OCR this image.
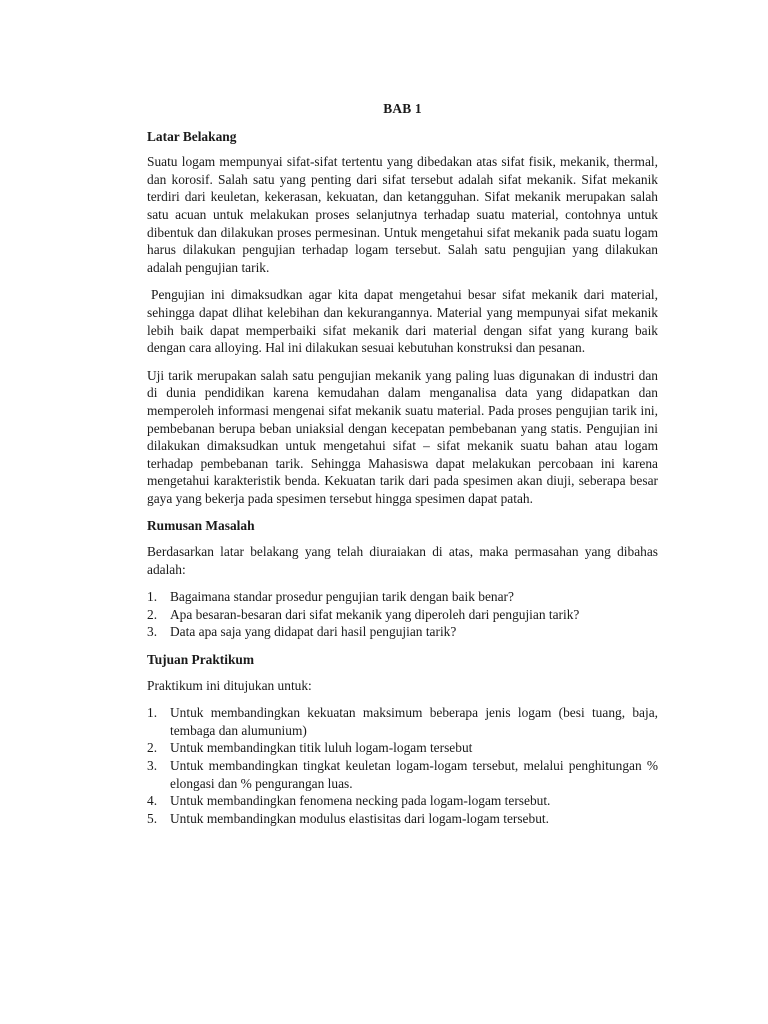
BAB 1
Latar Belakang

Suatu logam mempunyai sifat-sifat tertentu yang dibedakan atas sifat fisik, mekanik, thermal, dan korosif. Salah satu yang penting dari sifat tersebut adalah sifat mekanik. Sifat mekanik terdiri dari keuletan, kekerasan, kekuatan, dan ketangguhan. Sifat mekanik merupakan salah satu acuan untuk melakukan proses selanjutnya terhadap suatu material, contohnya untuk dibentuk dan dilakukan proses permesinan. Untuk mengetahui sifat mekanik pada suatu logam harus dilakukan pengujian terhadap logam tersebut. Salah satu pengujian yang dilakukan adalah pengujian tarik.

Pengujian ini dimaksudkan agar kita dapat mengetahui besar sifat mekanik dari material, sehingga dapat dlihat kelebihan dan kekurangannya. Material yang mempunyai sifat mekanik lebih baik dapat memperbaiki sifat mekanik dari material dengan sifat yang kurang baik dengan cara alloying. Hal ini dilakukan sesuai kebutuhan konstruksi dan pesanan.

Uji tarik merupakan salah satu pengujian mekanik yang paling luas digunakan di industri dan di dunia pendidikan karena kemudahan dalam menganalisa data yang didapatkan dan memperoleh informasi mengenai sifat mekanik suatu material. Pada proses pengujian tarik ini, pembebanan berupa beban uniaksial dengan kecepatan pembebanan yang statis. Pengujian ini dilakukan dimaksudkan untuk mengetahui sifat – sifat mekanik suatu bahan atau logam terhadap pembebanan tarik. Sehingga Mahasiswa dapat melakukan percobaan ini karena mengetahui karakteristik benda. Kekuatan tarik dari pada spesimen akan diuji, seberapa besar gaya yang bekerja pada spesimen tersebut hingga spesimen dapat patah.

Rumusan Masalah

Berdasarkan latar belakang yang telah diuraiakan di atas, maka permasahan yang dibahas adalah:

1. Bagaimana standar prosedur pengujian tarik dengan baik benar?
2. Apa besaran-besaran dari sifat mekanik yang diperoleh dari pengujian tarik?
3. Data apa saja yang didapat dari hasil pengujian tarik?
Tujuan Praktikum

Praktikum ini ditujukan untuk:

1. Untuk membandingkan kekuatan maksimum beberapa jenis logam (besi tuang, baja, tembaga dan alumunium)
2. Untuk membandingkan titik luluh logam-logam tersebut
3. Untuk membandingkan tingkat keuletan logam-logam tersebut, melalui penghitungan % elongasi dan % pengurangan luas.
4. Untuk membandingkan fenomena necking pada logam-logam tersebut.
5. Untuk membandingkan modulus elastisitas dari logam-logam tersebut.
